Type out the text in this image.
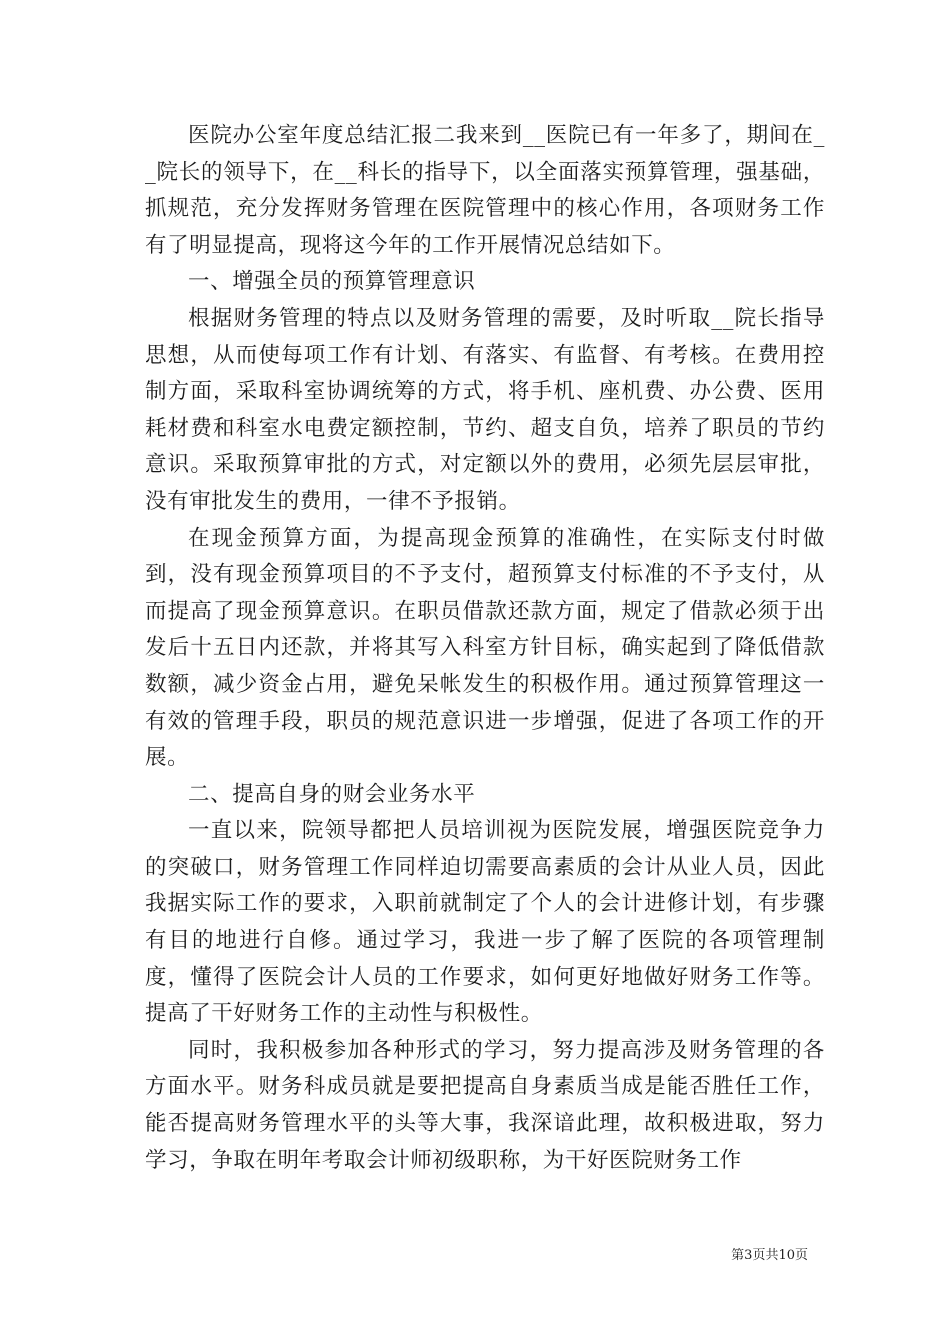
医院办公室年度总结汇报二我来到__医院已有一年多了，期间在__院长的领导下，在__科长的指导下，以全面落实预算管理，强基础，抓规范，充分发挥财务管理在医院管理中的核心作用，各项财务工作有了明显提高，现将这今年的工作开展情况总结如下。

一、增强全员的预算管理意识

根据财务管理的特点以及财务管理的需要，及时听取__院长指导思想，从而使每项工作有计划、有落实、有监督、有考核。在费用控制方面，采取科室协调统筹的方式，将手机、座机费、办公费、医用耗材费和科室水电费定额控制，节约、超支自负，培养了职员的节约意识。采取预算审批的方式，对定额以外的费用，必须先层层审批，没有审批发生的费用，一律不予报销。

在现金预算方面，为提高现金预算的准确性，在实际支付时做到，没有现金预算项目的不予支付，超预算支付标准的不予支付，从而提高了现金预算意识。在职员借款还款方面，规定了借款必须于出发后十五日内还款，并将其写入科室方针目标，确实起到了降低借款数额，减少资金占用，避免呆帐发生的积极作用。通过预算管理这一有效的管理手段，职员的规范意识进一步增强，促进了各项工作的开展。

二、提高自身的财会业务水平

一直以来，院领导都把人员培训视为医院发展，增强医院竞争力的突破口，财务管理工作同样迫切需要高素质的会计从业人员，因此我据实际工作的要求，入职前就制定了个人的会计进修计划，有步骤有目的地进行自修。通过学习，我进一步了解了医院的各项管理制度，懂得了医院会计人员的工作要求，如何更好地做好财务工作等。提高了干好财务工作的主动性与积极性。

同时，我积极参加各种形式的学习，努力提高涉及财务管理的各方面水平。财务科成员就是要把提高自身素质当成是能否胜任工作，能否提高财务管理水平的头等大事，我深谙此理，故积极进取，努力学习，争取在明年考取会计师初级职称，为干好医院财务工作

第3页共10页
